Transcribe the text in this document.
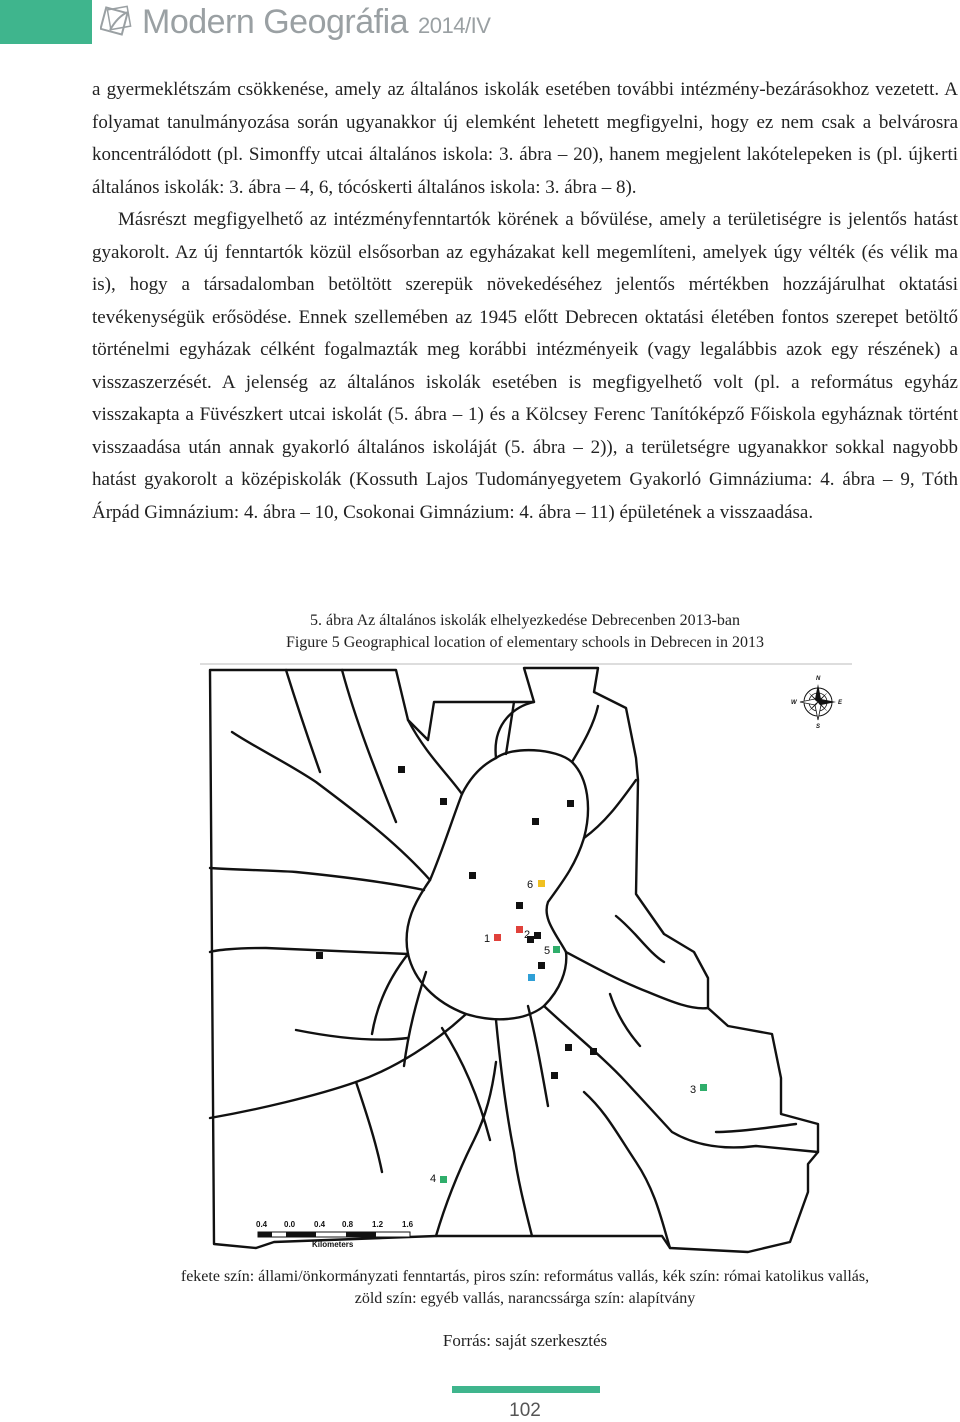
Modern Geográfia 2014/IV

a gyermeklétszám csökkenése, amely az általános iskolák esetében további intézmény-bezárásokhoz vezetett. A folyamat tanulmányozása során ugyanakkor új elemként lehetett megfigyelni, hogy ez nem csak a belvárosra koncentrálódott (pl. Simonffy utcai általános iskola: 3. ábra – 20), hanem megjelent lakótelepeken is (pl. újkerti általános iskolák: 3. ábra – 4, 6, tócóskerti általános iskola: 3. ábra – 8).

Másrészt megfigyelhető az intézményfenntartók körének a bővülése, amely a területiségre is jelentős hatást gyakorolt. Az új fenntartók közül elsősorban az egyházakat kell megemlíteni, amelyek úgy vélték (és vélik ma is), hogy a társadalomban betöltött szerepük növekedéséhez jelentős mértékben hozzájárulhat oktatási tevékenységük erősödése. Ennek szellemében az 1945 előtt Debrecen oktatási életében fontos szerepet betöltő történelmi egyházak célként fogalmazták meg korábbi intézményeik (vagy legalábbis azok egy részének) a visszaszerzését. A jelenség az általános iskolák esetében is megfigyelhető volt (pl. a református egyház visszakapta a Füvészkert utcai iskolát (5. ábra – 1) és a Kölcsey Ferenc Tanítóképző Főiskola egyháznak történt visszaadása után annak gyakorló általános iskoláját (5. ábra – 2)), a területségre ugyanakkor sokkal nagyobb hatást gyakorolt a középiskolák (Kossuth Lajos Tudományegyetem Gyakorló Gimnáziuma: 4. ábra – 9, Tóth Árpád Gimnázium: 4. ábra – 10, Csokonai Gimnázium: 4. ábra – 11) épületének a visszaadása.

5. ábra Az általános iskolák elhelyezkedése Debrecenben 2013-ban
Figure 5 Geographical location of elementary schools in Debrecen in 2013
N
S
E
W
6
1	2
5
3
4
0.4 0.0 0.4 0.8 1.2 1.6
Kilometers
fekete szín: állami/önkormányzati fenntartás, piros szín: református vallás, kék szín: római katolikus vallás,
zöld szín: egyéb vallás, narancssárga szín: alapítvány
Forrás: saját szerkesztés
102
